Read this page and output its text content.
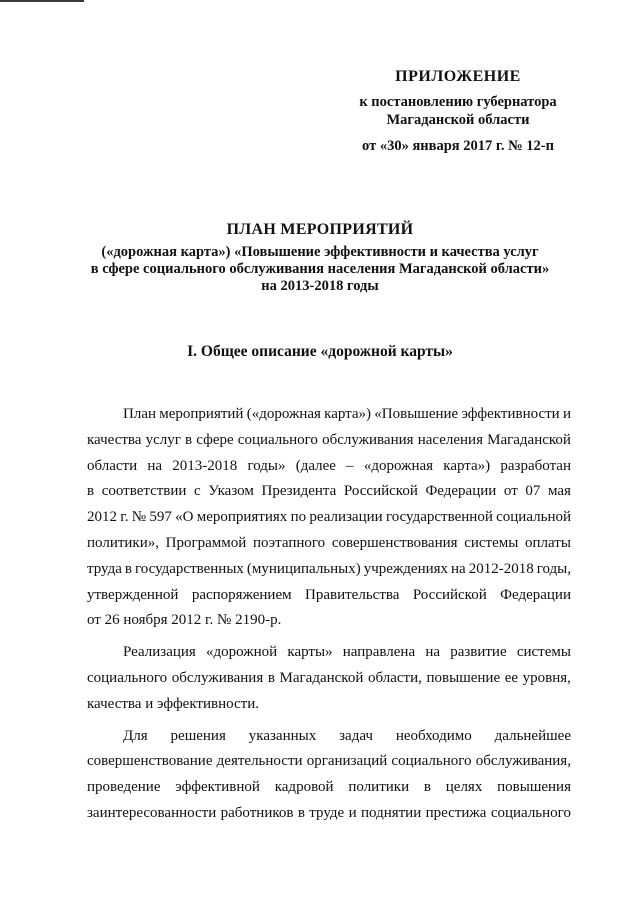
ПРИЛОЖЕНИЕ
к постановлению губернатора
Магаданской области
от «30» января 2017 г. № 12-п
ПЛАН МЕРОПРИЯТИЙ
(«дорожная карта») «Повышение эффективности и качества услуг
в сфере социального обслуживания населения Магаданской области»
на 2013-2018 годы
I. Общее описание «дорожной карты»
План мероприятий («дорожная карта») «Повышение эффективности и
качества услуг в сфере социального обслуживания населения Магаданской
области на 2013-2018 годы» (далее – «дорожная карта») разработан
в соответствии с Указом Президента Российской Федерации от 07 мая
2012 г. № 597 «О мероприятиях по реализации государственной социальной
политики», Программой поэтапного совершенствования системы оплаты
труда в государственных (муниципальных) учреждениях на 2012-2018 годы,
утвержденной распоряжением Правительства Российской Федерации
от 26 ноября 2012 г. № 2190-р.
Реализация «дорожной карты» направлена на развитие системы
социального обслуживания в Магаданской области, повышение ее уровня,
качества и эффективности.
Для решения указанных задач необходимо дальнейшее
совершенствование деятельности организаций социального обслуживания,
проведение эффективной кадровой политики в целях повышения
заинтересованности работников в труде и поднятии престижа социального
